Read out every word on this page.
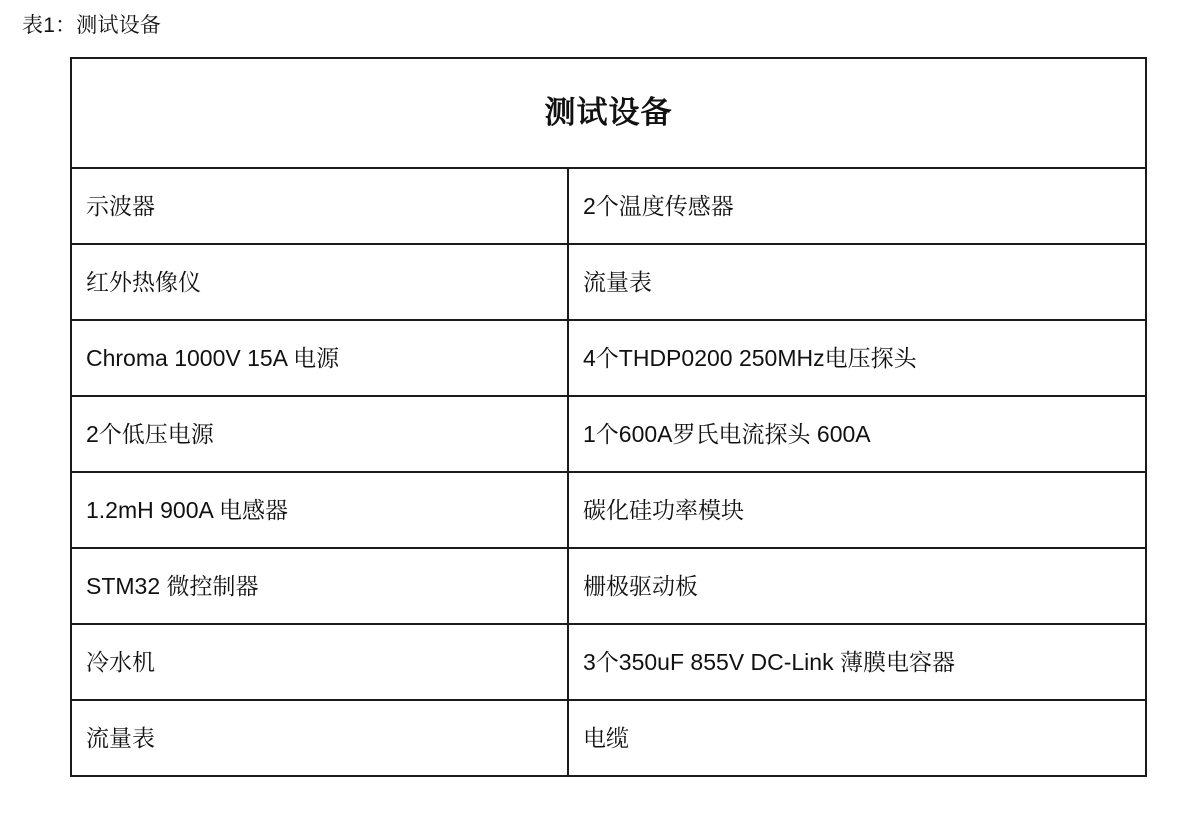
表1：测试设备
测试设备	
示波器	2个温度传感器
红外热像仪	流量表
Chroma 1000V 15A 电源	4个THDP0200 250MHz电压探头
2个低压电源	1个600A罗氏电流探头 600A
1.2mH 900A 电感器	碳化硅功率模块
STM32 微控制器	栅极驱动板
冷水机	3个350uF 855V DC-Link 薄膜电容器
流量表	电缆
